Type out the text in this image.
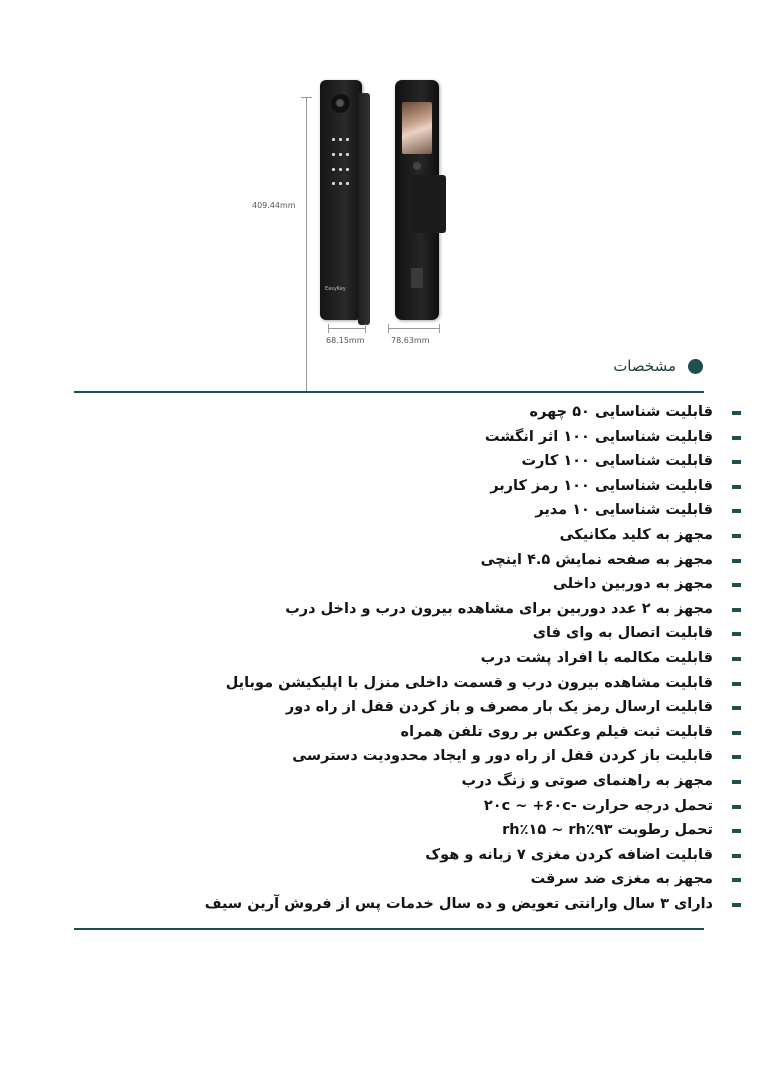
409.44mm
EasyKey
68.15mm	78.63mm
مشخصات
قابلیت شناسایی ۵۰ چهره
قابلیت شناسایی ۱۰۰ اثر انگشت
قابلیت شناسایی ۱۰۰ کارت
قابلیت شناسایی ۱۰۰ رمز کاربر
قابلیت شناسایی ۱۰ مدیر
مجهز به کلید مکانیکی
مجهز به صفحه نمایش ۴.۵ اینچی
مجهز به دوربین داخلی
مجهز به ۲ عدد دوربین برای مشاهده بیرون درب و داخل درب
قابلیت اتصال به وای فای
قابلیت مکالمه با افراد پشت درب
قابلیت مشاهده بیرون درب و قسمت داخلی منزل با اپلیکیشن موبایل
قابلیت ارسال رمز یک بار مصرف و باز کردن قفل از راه دور
قابلیت ثبت فیلم وعکس بر روی تلفن همراه
قابلیت باز کردن قفل از راه دور و ایجاد محدودیت دسترسی
مجهز به راهنمای صوتی و زنگ درب
تحمل درجه حرارت -۲۰c ~ +۶۰c
تحمل رطوبت rh٪۱۵ ~ rh٪۹۳
قابلیت اضافه کردن مغزی ۷ زبانه و هوک
مجهز به مغزی ضد سرقت
دارای ۳ سال وارانتی تعویض و ده سال خدمات پس از فروش آرین سیف
